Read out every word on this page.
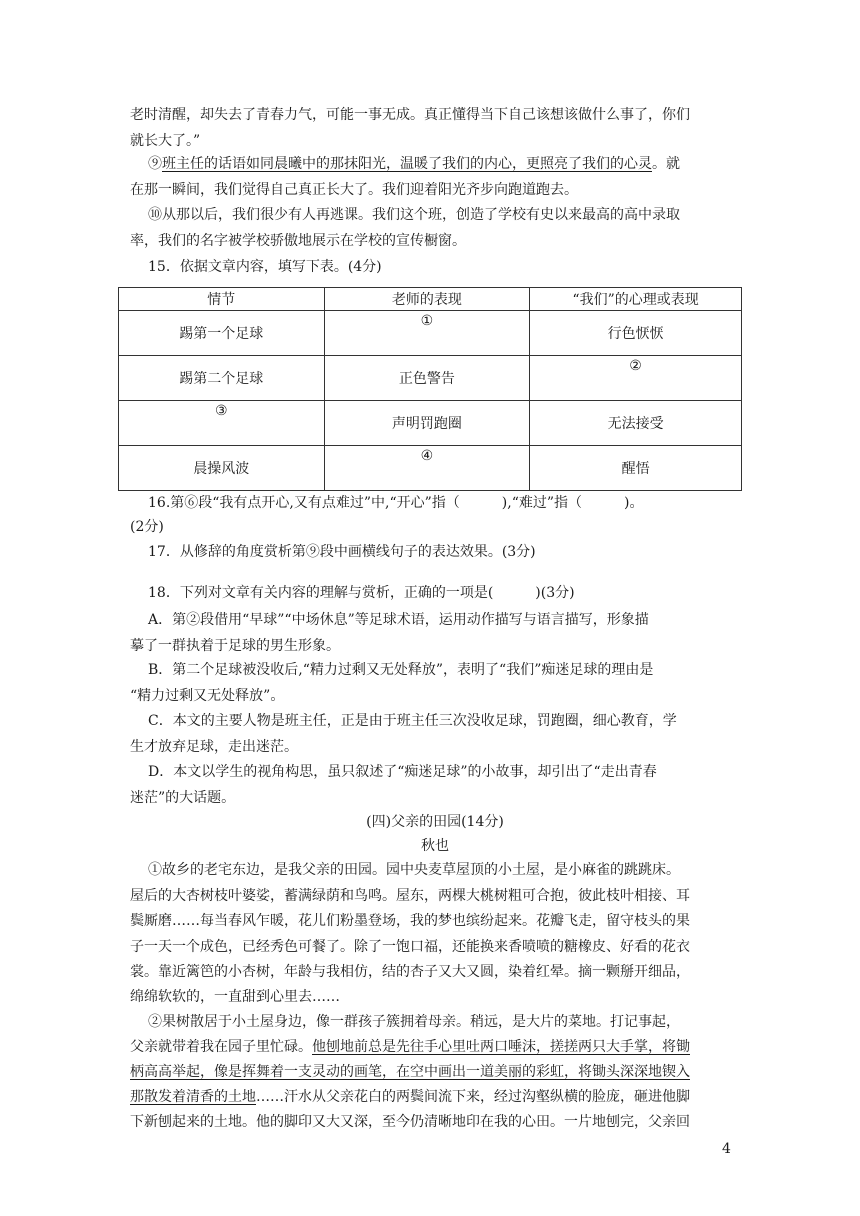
老时清醒，却失去了青春力气，可能一事无成。真正懂得当下自己该想该做什么事了，你们

就长大了。”

⑨班主任的话语如同晨曦中的那抹阳光，温暖了我们的内心，更照亮了我们的心灵。就

在那一瞬间，我们觉得自己真正长大了。我们迎着阳光齐步向跑道跑去。

⑩从那以后，我们很少有人再逃课。我们这个班，创造了学校有史以来最高的高中录取

率，我们的名字被学校骄傲地展示在学校的宣传橱窗。

15．依据文章内容，填写下表。(4分)

情节	老师的表现	“我们”的心理或表现
踢第一个足球	①	行色恹恹
踢第二个足球	正色警告	②

③	声明罚跑圈	无法接受
晨操风波	④	醒悟

16.第⑥段“我有点开心,又有点难过”中,“开心”指（　　　),“难过”指（　　　)。

(2分)

17．从修辞的角度赏析第⑨段中画横线句子的表达效果。(3分)

18．下列对文章有关内容的理解与赏析，正确的一项是(　　　)(3分)

A．第②段借用“早球”“中场休息”等足球术语，运用动作描写与语言描写，形象描

摹了一群执着于足球的男生形象。

B．第二个足球被没收后,“精力过剩又无处释放”，表明了“我们”痴迷足球的理由是

“精力过剩又无处释放”。

C．本文的主要人物是班主任，正是由于班主任三次没收足球，罚跑圈，细心教育，学

生才放弃足球，走出迷茫。

D．本文以学生的视角构思，虽只叙述了“痴迷足球”的小故事，却引出了“走出青春

迷茫”的大话题。

(四)父亲的田园(14分)

秋也

①故乡的老宅东边，是我父亲的田园。园中央麦草屋顶的小土屋，是小麻雀的跳跳床。

屋后的大杏树枝叶婆娑，蓄满绿荫和鸟鸣。屋东，两棵大桃树粗可合抱，彼此枝叶相接、耳

鬓厮磨……每当春风乍暖，花儿们粉墨登场，我的梦也缤纷起来。花瓣飞走，留守枝头的果

子一天一个成色，已经秀色可餐了。除了一饱口福，还能换来香喷喷的糖橡皮、好看的花衣

裳。靠近篱笆的小杏树，年龄与我相仿，结的杏子又大又圆，染着红晕。摘一颗掰开细品，

绵绵软软的，一直甜到心里去……

②果树散居于小土屋身边，像一群孩子簇拥着母亲。稍远，是大片的菜地。打记事起，

父亲就带着我在园子里忙碌。他刨地前总是先往手心里吐两口唾沫，搓搓两只大手掌，将锄

柄高高举起，像是挥舞着一支灵动的画笔，在空中画出一道美丽的彩虹，将锄头深深地锲入

那散发着清香的土地……汗水从父亲花白的两鬓间流下来，经过沟壑纵横的脸庞，砸进他脚

下新刨起来的土地。他的脚印又大又深，至今仍清晰地印在我的心田。一片地刨完，父亲回

4
